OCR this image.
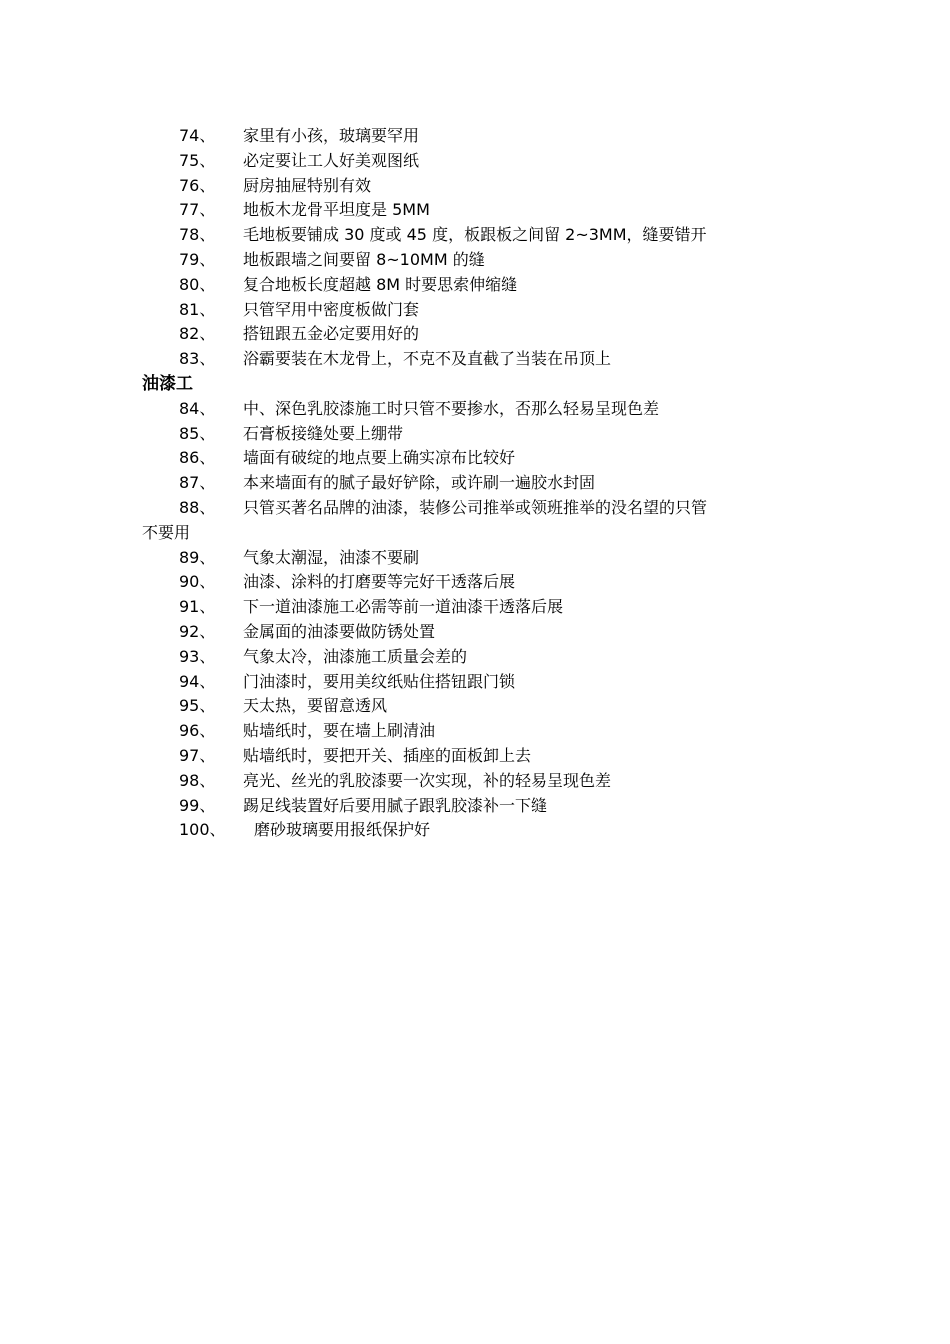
74、 家里有小孩，玻璃要罕用
75、 必定要让工人好美观图纸
76、 厨房抽屉特别有效
77、 地板木龙骨平坦度是 5MM
78、 毛地板要铺成 30 度或 45 度，板跟板之间留 2~3MM，缝要错开
79、 地板跟墙之间要留 8~10MM 的缝
80、 复合地板长度超越 8M 时要思索伸缩缝
81、 只管罕用中密度板做门套
82、 搭钮跟五金必定要用好的
83、 浴霸要装在木龙骨上，不克不及直截了当装在吊顶上
油漆工
84、 中、深色乳胶漆施工时只管不要掺水，否那么轻易呈现色差
85、 石膏板接缝处要上绷带
86、 墙面有破绽的地点要上确实凉布比较好
87、 本来墙面有的腻子最好铲除，或许刷一遍胶水封固
88、 只管买著名品牌的油漆，装修公司推举或领班推举的没名望的只管
不要用
89、 气象太潮湿，油漆不要刷
90、 油漆、涂料的打磨要等完好干透落后展
91、 下一道油漆施工必需等前一道油漆干透落后展
92、 金属面的油漆要做防锈处置
93、 气象太冷，油漆施工质量会差的
94、 门油漆时，要用美纹纸贴住搭钮跟门锁
95、 天太热，要留意透风
96、 贴墙纸时，要在墙上刷清油
97、 贴墙纸时，要把开关、插座的面板卸上去
98、 亮光、丝光的乳胶漆要一次实现，补的轻易呈现色差
99、 踢足线装置好后要用腻子跟乳胶漆补一下缝
100、 磨砂玻璃要用报纸保护好
